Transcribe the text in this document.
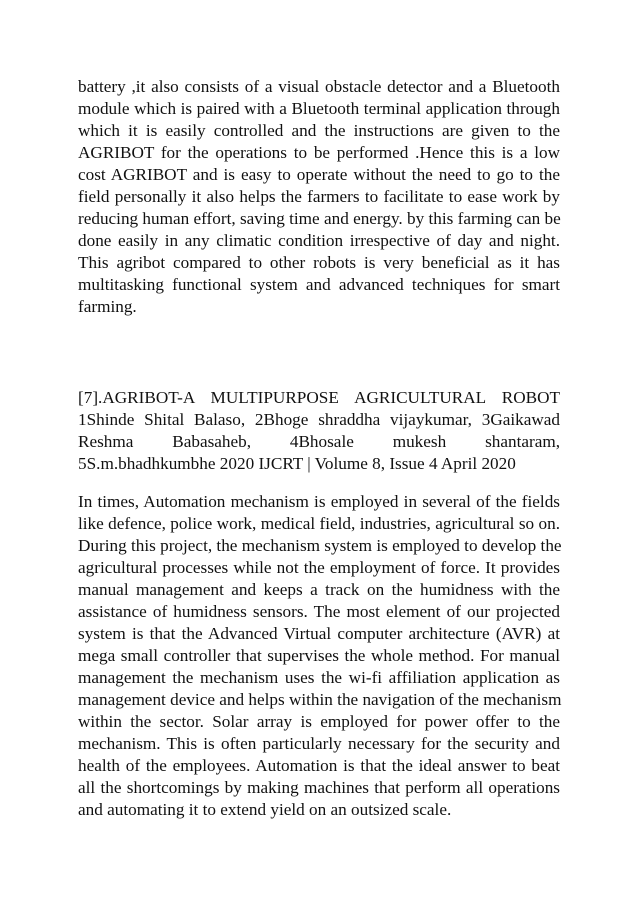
battery ,it also consists of a visual obstacle detector and a Bluetooth
module which is paired with a Bluetooth terminal application through
which it is easily controlled and the instructions are given to the
AGRIBOT for the operations to be performed .Hence this is a low
cost AGRIBOT and is easy to operate without the need to go to the
field personally it also helps the farmers to facilitate to ease work by
reducing human effort, saving time and energy. by this farming can be
done easily in any climatic condition irrespective of day and night.
This agribot compared to other robots is very beneficial as it has
multitasking functional system and advanced techniques for smart
farming.
[7].AGRIBOT-A MULTIPURPOSE AGRICULTURAL ROBOT
1Shinde Shital Balaso, 2Bhoge shraddha vijaykumar, 3Gaikawad
Reshma Babasaheb, 4Bhosale mukesh shantaram,
5S.m.bhadhkumbhe 2020 IJCRT | Volume 8, Issue 4 April 2020
In times, Automation mechanism is employed in several of the fields
like defence, police work, medical field, industries, agricultural so on.
During this project, the mechanism system is employed to develop the
agricultural processes while not the employment of force. It provides
manual management and keeps a track on the humidness with the
assistance of humidness sensors. The most element of our projected
system is that the Advanced Virtual computer architecture (AVR) at
mega small controller that supervises the whole method. For manual
management the mechanism uses the wi-fi affiliation application as
management device and helps within the navigation of the mechanism
within the sector. Solar array is employed for power offer to the
mechanism. This is often particularly necessary for the security and
health of the employees. Automation is that the ideal answer to beat
all the shortcomings by making machines that perform all operations
and automating it to extend yield on an outsized scale.
